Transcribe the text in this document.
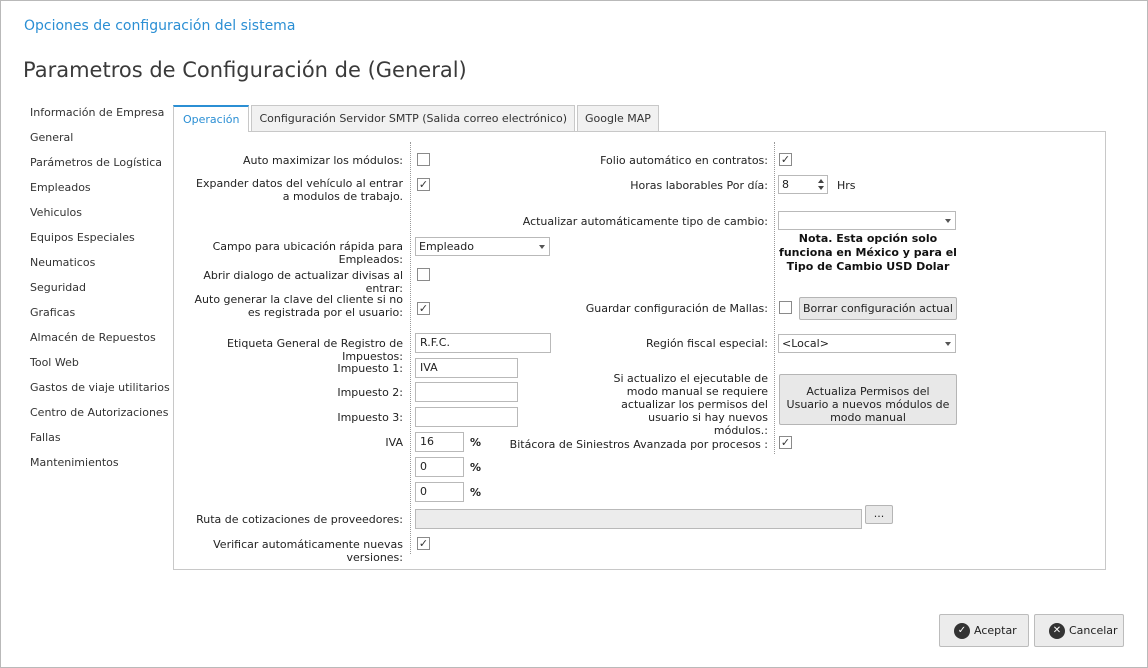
Opciones de configuración del sistema
Parametros de Configuración de (General)
Información de Empresa
General
Parámetros de Logística
Empleados
Vehiculos
Equipos Especiales
Neumaticos
Seguridad
Graficas
Almacén de Repuestos
Tool Web
Gastos de viaje utilitarios
Centro de Autorizaciones
Fallas
Mantenimientos
Operación	Configuración Servidor SMTP (Salida correo electrónico)	Google MAP
Auto maximizar los módulos:
Expander datos del vehículo al entrar a modulos de trabajo.
✓
Campo para ubicación rápida para Empleados:
Empleado
Abrir dialogo de actualizar divisas al entrar:
Auto generar la clave del cliente si no es registrada por el usuario: ✓
Etiqueta General de Registro de Impuestos:
R.F.C.
Impuesto 1:	IVA
Impuesto 2:
Impuesto 3:
IVA	16	%
0	%
0	%
Ruta de cotizaciones de proveedores:	...
Verificar automáticamente nuevas versiones:
✓
Folio automático en contratos: ✓
Horas laborables Por día:	8	Hrs
Actualizar automáticamente tipo de cambio:
Nota. Esta opción solo funciona en México y para el Tipo de Cambio USD Dolar
Guardar configuración de Mallas:	Borrar configuración actual
Región fiscal especial:	<Local>
Si actualizo el ejecutable de modo manual se requiere actualizar los permisos del usuario si hay nuevos módulos.:
Actualiza Permisos del Usuario a nuevos módulos de modo manual
Bitácora de Siniestros Avanzada por procesos : ✓
✓ Aceptar	✕ Cancelar
